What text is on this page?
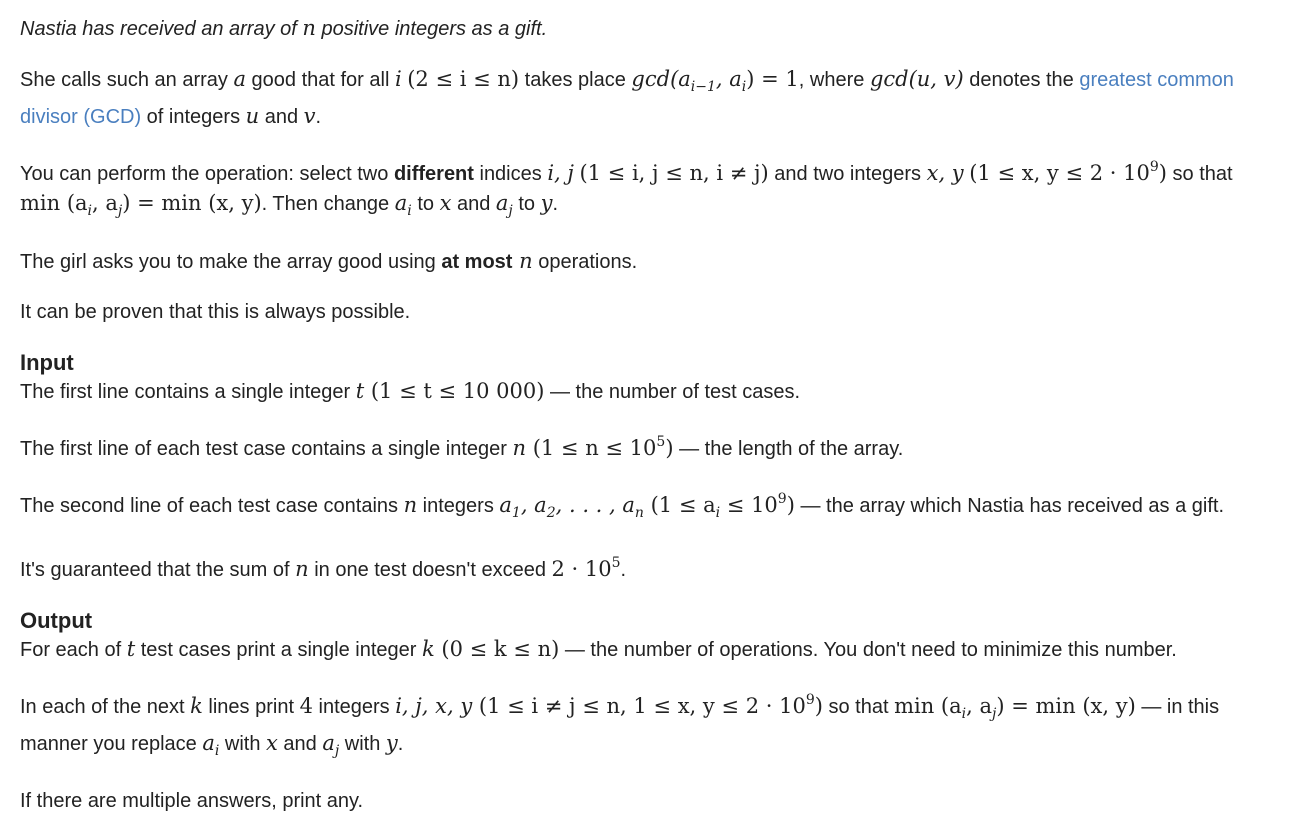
Nastia has received an array of n positive integers as a gift.

She calls such an array a good that for all i (2 ≤ i ≤ n) takes place $\gcd(a_{i-1}$, $a_i) = 1$, where gcd(u, v) denotes the greatest common

divisor (GCD) of integers u and v.

You can perform the operation: select two different indices i, j (1 ≤ i, j ≤ n, i ≠ j) and two integers x, y (1 ≤ x, $y \le 2 \cdot 10^9$) so that

$\min (a_i$, $a_j) = \min (x$, y). Then change $a_i$ to x and $a_j$ to y.

The girl asks you to make the array good using at most n operations.

It can be proven that this is always possible.

Input

The first line contains a single integer t (1 ≤ t ≤ 10 000) — the number of test cases.

The first line of each test case contains a single integer n $(1 \le n \le 10^5)$ — the length of the array.

The second line of each test case contains n integers $a_1$, $a_2$, . . . , $a_n$ $(1 \le a_i \le 10^9)$ — the array which Nastia has received as a gift.

It's guaranteed that the sum of n in one test doesn't exceed $2 \cdot 10^5$.

Output

For each of t test cases print a single integer k (0 ≤ k ≤ n) — the number of operations. You don't need to minimize this number.

In each of the next k lines print 4 integers i, j, x, y (1 ≤ i ≠ j ≤ n, 1 ≤ x, $y \le 2 \cdot 10^9$) so that $\min (a_i$, $a_j) = \min (x$, y) — in this

manner you replace $a_i$ with x and $a_j$ with y.

If there are multiple answers, print any.
